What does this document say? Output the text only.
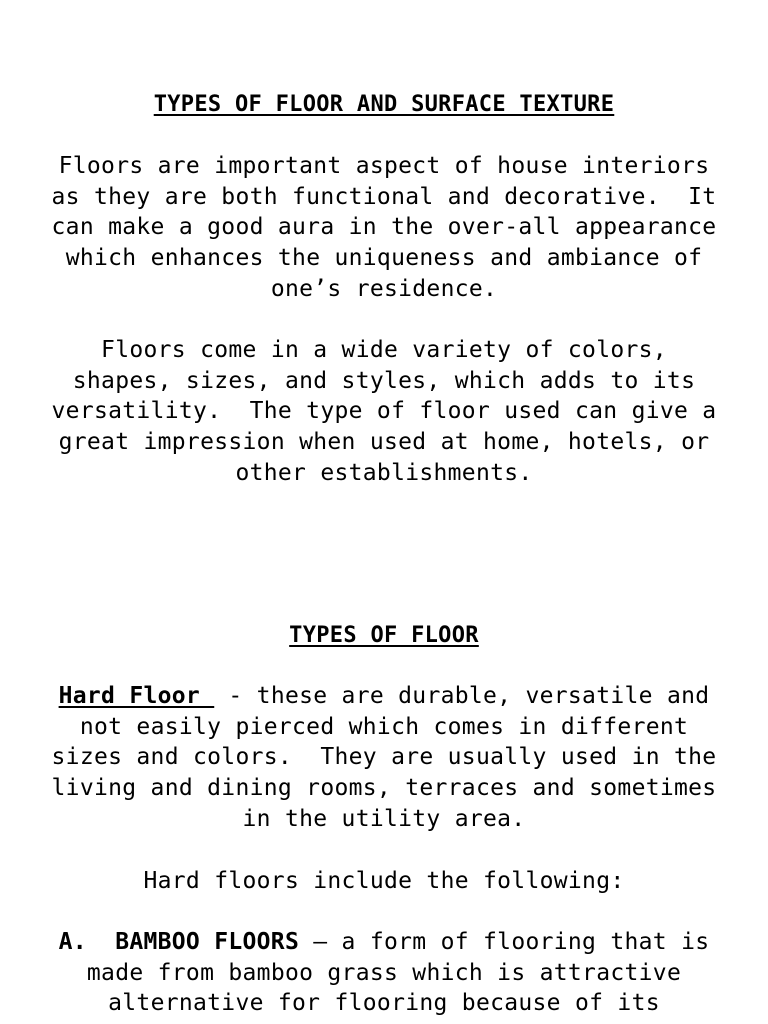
TYPES OF FLOOR AND SURFACE TEXTURE
Floors are important aspect of house interiors
as they are both functional and decorative.  It
can make a good aura in the over-all appearance
which enhances the uniqueness and ambiance of
one’s residence.
Floors come in a wide variety of colors,
shapes, sizes, and styles, which adds to its
versatility.  The type of floor used can give a
great impression when used at home, hotels, or
other establishments.
TYPES OF FLOOR
Hard Floor  - these are durable, versatile and
not easily pierced which comes in different
sizes and colors.  They are usually used in the
living and dining rooms, terraces and sometimes
in the utility area.
Hard floors include the following:
A.  BAMBOO FLOORS – a form of flooring that is
made from bamboo grass which is attractive
alternative for flooring because of its
